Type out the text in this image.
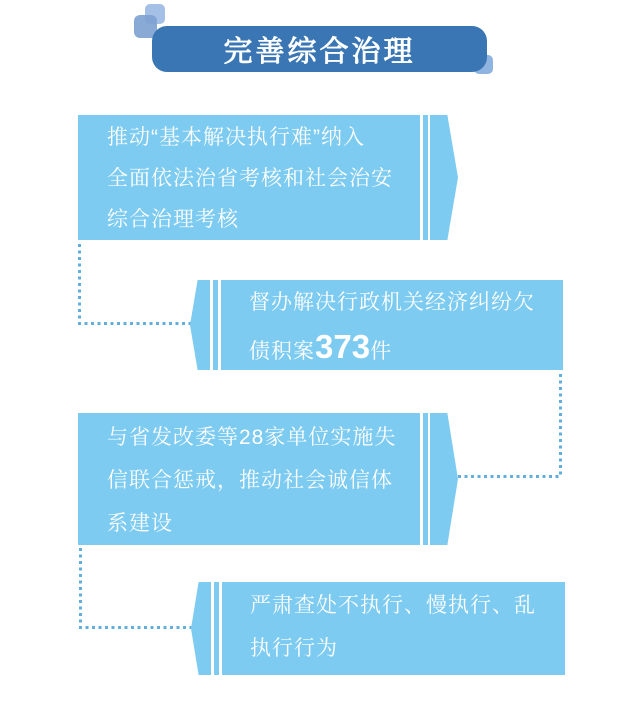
完善综合治理
推动“基本解决执行难”纳入
全面依法治省考核和社会治安
综合治理考核
督办解决行政机关经济纠纷欠
债积案373件
与省发改委等28家单位实施失
信联合惩戒，推动社会诚信体
系建设
严肃查处不执行、慢执行、乱
执行行为
